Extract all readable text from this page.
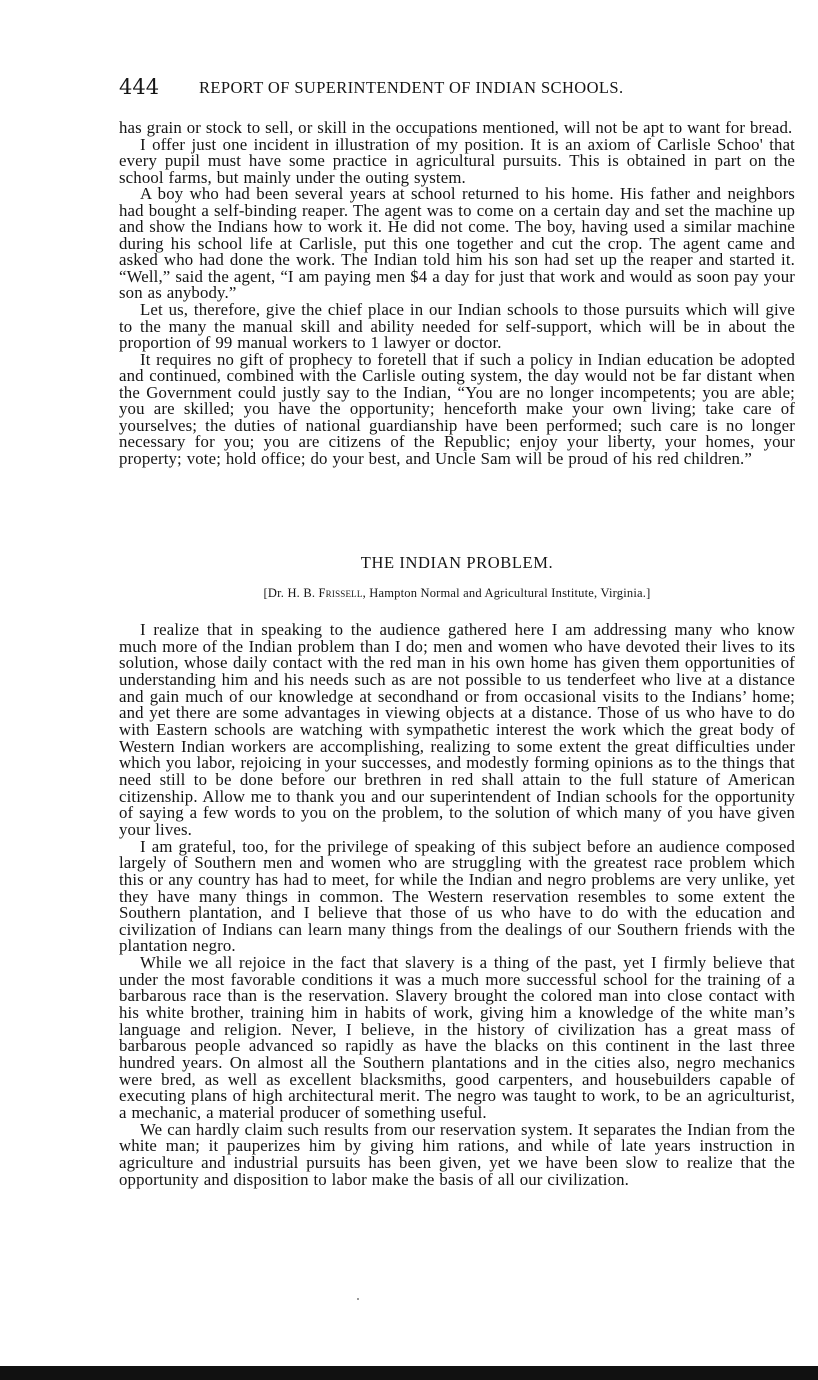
444 REPORT OF SUPERINTENDENT OF INDIAN SCHOOLS.

has grain or stock to sell, or skill in the occupations mentioned, will not be apt to want for bread.

I offer just one incident in illustration of my position. It is an axiom of Carlisle Schoo' that every pupil must have some practice in agricultural pursuits. This is obtained in part on the school farms, but mainly under the outing system.

A boy who had been several years at school returned to his home. His father and neighbors had bought a self-binding reaper. The agent was to come on a certain day and set the machine up and show the Indians how to work it. He did not come. The boy, having used a similar machine during his school life at Carlisle, put this one together and cut the crop. The agent came and asked who had done the work. The Indian told him his son had set up the reaper and started it. “Well,” said the agent, “I am paying men $4 a day for just that work and would as soon pay your son as anybody.”

Let us, therefore, give the chief place in our Indian schools to those pursuits which will give to the many the manual skill and ability needed for self-support, which will be in about the proportion of 99 manual workers to 1 lawyer or doctor.

It requires no gift of prophecy to foretell that if such a policy in Indian education be adopted and continued, combined with the Carlisle outing system, the day would not be far distant when the Government could justly say to the Indian, “You are no longer incompetents; you are able; you are skilled; you have the opportunity; henceforth make your own living; take care of yourselves; the duties of national guardianship have been performed; such care is no longer necessary for you; you are citizens of the Republic; enjoy your liberty, your homes, your property; vote; hold office; do your best, and Uncle Sam will be proud of his red children.”

THE INDIAN PROBLEM.
[Dr. H. B. Frissell, Hampton Normal and Agricultural Institute, Virginia.]

I realize that in speaking to the audience gathered here I am addressing many who know much more of the Indian problem than I do; men and women who have devoted their lives to its solution, whose daily contact with the red man in his own home has given them opportunities of understanding him and his needs such as are not possible to us tenderfeet who live at a distance and gain much of our knowledge at secondhand or from occasional visits to the Indians’ home; and yet there are some advantages in viewing objects at a distance. Those of us who have to do with Eastern schools are watching with sympathetic interest the work which the great body of Western Indian workers are accomplishing, realizing to some extent the great difficulties under which you labor, rejoicing in your successes, and modestly forming opinions as to the things that need still to be done before our brethren in red shall attain to the full stature of American citizenship. Allow me to thank you and our superintendent of Indian schools for the opportunity of saying a few words to you on the problem, to the solution of which many of you have given your lives.

I am grateful, too, for the privilege of speaking of this subject before an audience composed largely of Southern men and women who are struggling with the greatest race problem which this or any country has had to meet, for while the Indian and negro problems are very unlike, yet they have many things in common. The Western reservation resembles to some extent the Southern plantation, and I believe that those of us who have to do with the education and civilization of Indians can learn many things from the dealings of our Southern friends with the plantation negro.

While we all rejoice in the fact that slavery is a thing of the past, yet I firmly believe that under the most favorable conditions it was a much more successful school for the training of a barbarous race than is the reservation. Slavery brought the colored man into close contact with his white brother, training him in habits of work, giving him a knowledge of the white man’s language and religion. Never, I believe, in the history of civilization has a great mass of barbarous people advanced so rapidly as have the blacks on this continent in the last three hundred years. On almost all the Southern plantations and in the cities also, negro mechanics were bred, as well as excellent blacksmiths, good carpenters, and housebuilders capable of executing plans of high architectural merit. The negro was taught to work, to be an agriculturist, a mechanic, a material producer of something useful.

We can hardly claim such results from our reservation system. It separates the Indian from the white man; it pauperizes him by giving him rations, and while of late years instruction in agriculture and industrial pursuits has been given, yet we have been slow to realize that the opportunity and disposition to labor make the basis of all our civilization.
